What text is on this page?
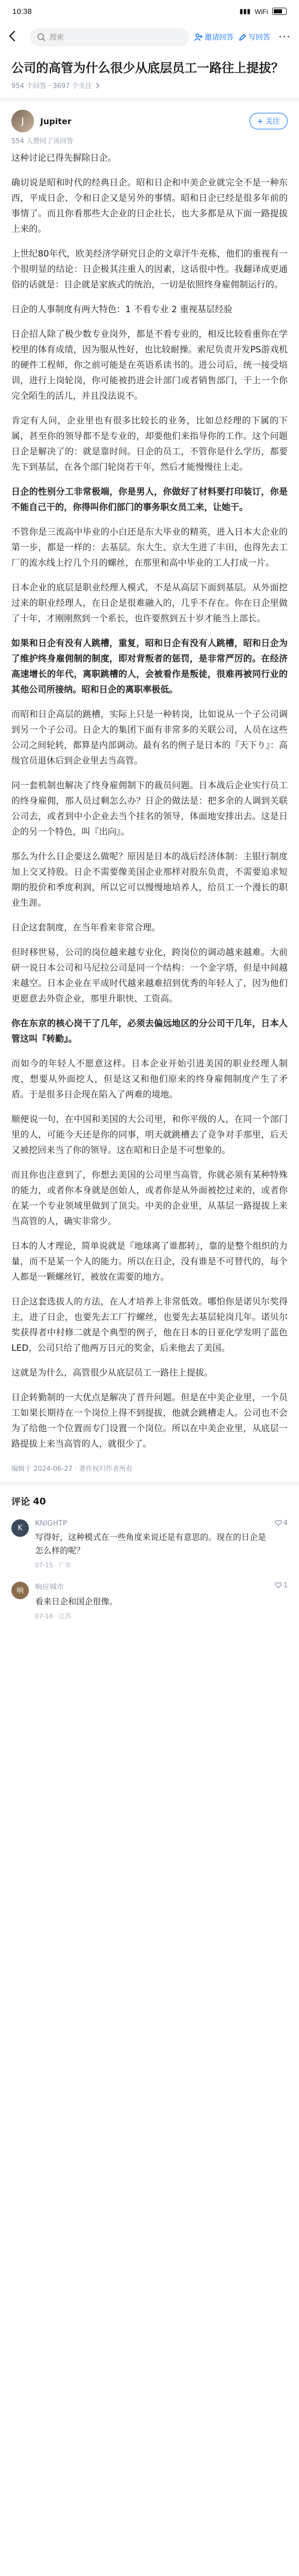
10:38	▮▮▮ WiFi
搜索	邀请回答 写回答 ···
公司的高管为什么很少从底层员工一路往上提拔？
954 个回答 · 3697 个关注
J Jupiter	+ 关注
554 人赞同了该回答

这种讨论已得先摒除日企。

确切说是昭和时代的经典日企。昭和日企和中美企业就完全不是一种东西，平成日企、令和日企又是另外的事情。昭和日企已经是很多年前的事情了。而且你看那些大企业的日企社长，也大多都是从下面一路提拔上来的。

上世纪80年代，欧美经济学研究日企的文章汗牛充栋，他们的重视有一个很明显的结论：日企极其注重人的因素，这话很中性。我翻译成更通俗的话就是：日企就是家族式的统治，一切是依照终身雇佣制运行的。

日企的人事制度有两大特色：1 不看专业 2 重视基层经验

日企招人除了极少数专业岗外，都是不看专业的，相反比较看重你在学校里的体育成绩，因为服从性好，也比较耐操。索尼负责开发PS游戏机的硬件工程师，你之前可能是在英语系读书的。进公司后，统一接受培训，进行上岗轮岗，你可能被扔进会计部门或者销售部门，干上一个你完全陌生的活儿，并且没法说不。

肯定有人问，企业里也有很多比较长的业务，比如总经理的下属的下属，甚至你的领导都不是专业的，却要他们来指导你的工作。这个问题日企是解决了的：就是靠时间。日企的员工，不管你是什么学历，都要先下到基层，在各个部门轮岗若干年，然后才能慢慢往上走。

日企的性别分工非常极端，你是男人，你做好了材料要打印装订，你是不能自己干的，你得叫你们部门的事务职女员工来，让她干。

不管你是三流高中毕业的小白还是东大毕业的精英，进入日本大企业的第一步，都是一样的：去基层。东大生、京大生进了丰田，也得先去工厂的流水线上拧几个月的螺丝，在那里和高中毕业的工人打成一片。

日本企业的底层是职业经理人模式，不是从高层下面到基层。从外面挖过来的职业经理人，在日企是很难融入的，几乎不存在。你在日企里做了十年，才刚刚熬到一个系长，也许要熬到五十岁才能当上部长。

如果和日企有没有人跳槽，重复，昭和日企有没有人跳槽，昭和日企为了维护终身雇佣制的制度，即对背叛者的惩罚，是非常严厉的。在经济高速增长的年代，离职跳槽的人，会被看作是叛徒，很难再被同行业的其他公司所接纳。昭和日企的离职率极低。

而昭和日企高层的跳槽，实际上只是一种转岗，比如说从一个子公司调到另一个子公司。日企大的集团下面有非常多的关联公司，人员在这些公司之间轮转，都算是内部调动。最有名的例子是日本的『天下り』：高级官员退休后到企业里去当高管。

同一套机制也解决了终身雇佣制下的裁员问题。日本战后企业实行员工的终身雇佣，那人员过剩怎么办？日企的做法是：把多余的人调到关联公司去，或者到中小企业去当个挂名的领导，体面地安排出去。这是日企的另一个特色，叫『出向』。

那么为什么日企要这么做呢？原因是日本的战后经济体制：主银行制度加上交叉持股。日企不需要像美国企业那样对股东负责，不需要追求短期的股价和季度利润，所以它可以慢慢地培养人，给员工一个漫长的职业生涯。

日企这套制度，在当年看来非常合理。

但时移世易，公司的岗位越来越专业化，跨岗位的调动越来越难。大前研一说日本公司和马尼拉公司是同一个结构：一个金字塔，但是中间越来越空。日本企业在平成时代越来越难招到优秀的年轻人了，因为他们更愿意去外资企业，那里升职快、工资高。

你在东京的核心岗干了几年，必须去偏远地区的分公司干几年，日本人管这叫『转勤』。

而如今的年轻人不愿意这样。日本企业开始引进美国的职业经理人制度，想要从外面挖人，但是这又和他们原来的终身雇佣制度产生了矛盾。于是很多日企现在陷入了两难的境地。

顺便说一句，在中国和美国的大公司里，和你平级的人，在同一个部门里的人，可能今天还是你的同事，明天就跳槽去了竞争对手那里，后天又被挖回来当了你的领导。这在昭和日企是不可想象的。

而且你也注意到了，你想去美国的公司里当高管，你就必须有某种特殊的能力，或者你本身就是创始人，或者你是从外面被挖过来的，或者你在某一个专业领域里做到了顶尖。中美的企业里，从基层一路提拔上来当高管的人，确实非常少。

日本的人才理论，简单说就是『地球离了谁都转』，靠的是整个组织的力量，而不是某一个人的能力。所以在日企，没有谁是不可替代的，每个人都是一颗螺丝钉，被放在需要的地方。

日企这套选拔人的方法，在人才培养上非常低效。哪怕你是诺贝尔奖得主，进了日企，也要先去工厂拧螺丝，也要先去基层轮岗几年。诺贝尔奖获得者中村修二就是个典型的例子，他在日本的日亚化学发明了蓝色LED，公司只给了他两万日元的奖金，后来他去了美国。

这就是为什么，高管很少从底层员工一路往上提拔。

日企转勤制的一大优点是解决了晋升问题。但是在中美企业里，一个员工如果长期待在一个岗位上得不到提拔，他就会跳槽走人。公司也不会为了给他一个位置而专门设置一个岗位。所以在中美企业里，从底层一路提拔上来当高管的人，就很少了。

编辑于 2024-06-27 · 著作权归作者所有
评论 40
K
KNIGHTP
写得好，这种模式在一些角度来说还是有意思的。现在的日企是怎么样的呢？
07-15 · 广东
4
响	响应城市
看来日企和国企很像。
07-16 · 江苏
1
